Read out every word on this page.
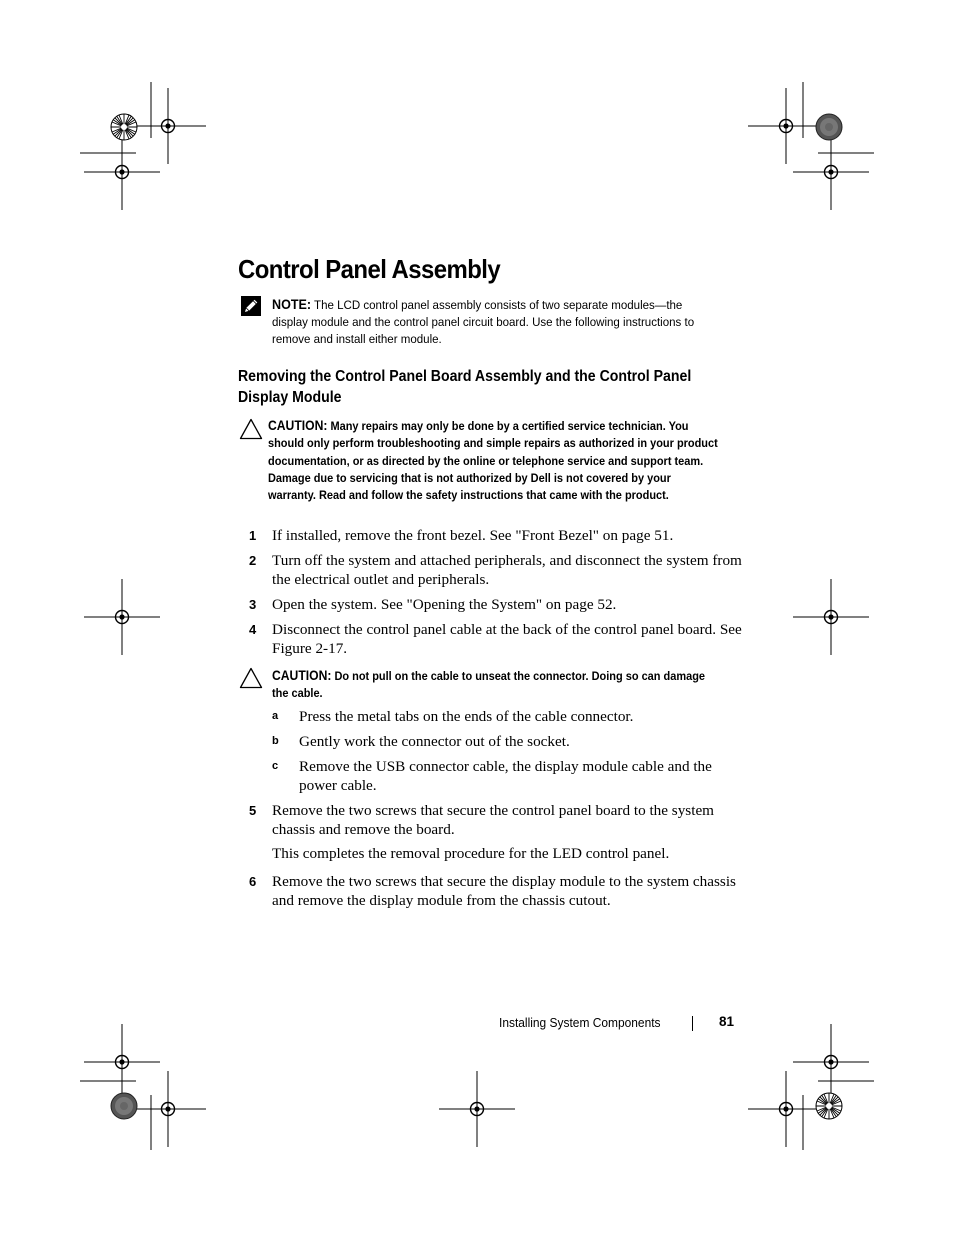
Control Panel Assembly
NOTE: The LCD control panel assembly consists of two separate modules—the display module and the control panel circuit board. Use the following instructions to remove and install either module.
Removing the Control Panel Board Assembly and the Control Panel Display Module
CAUTION: Many repairs may only be done by a certified service technician. You should only perform troubleshooting and simple repairs as authorized in your product documentation, or as directed by the online or telephone service and support team. Damage due to servicing that is not authorized by Dell is not covered by your warranty. Read and follow the safety instructions that came with the product.
1 If installed, remove the front bezel. See "Front Bezel" on page 51.
2 Turn off the system and attached peripherals, and disconnect the system from the electrical outlet and peripherals.
3 Open the system. See "Opening the System" on page 52.
4 Disconnect the control panel cable at the back of the control panel board. See Figure 2-17.
CAUTION: Do not pull on the cable to unseat the connector. Doing so can damage the cable.
a Press the metal tabs on the ends of the cable connector.
b Gently work the connector out of the socket.
c Remove the USB connector cable, the display module cable and the power cable.
5 Remove the two screws that secure the control panel board to the system chassis and remove the board.
This completes the removal procedure for the LED control panel.
6 Remove the two screws that secure the display module to the system chassis and remove the display module from the chassis cutout.
Installing System Components	81
